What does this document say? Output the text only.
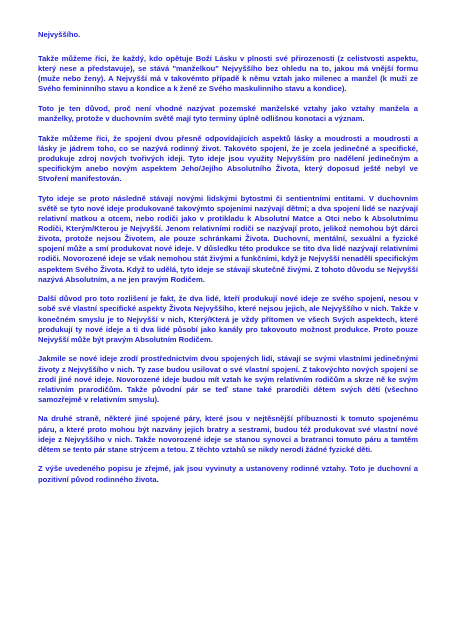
Nejvyššího.

Takže můžeme říci, že každý, kdo opětuje Boží Lásku v plnosti své přirozenosti (z celistvosti aspektu, který nese a představuje), se stává "manželkou" Nejvyššího bez ohledu na to, jakou má vnější formu (muže nebo ženy). A Nejvyšší má v takovémto případě k němu vztah jako milenec a manžel (k muži ze Svého femininního stavu a kondice a k ženě ze Svého maskulinního stavu a kondice).

Toto je ten důvod, proč není vhodné nazývat pozemské manželské vztahy jako vztahy manžela a manželky, protože v duchovním světě mají tyto terminy úplně odlišnou konotaci a význam.

Takže můžeme říci, že spojení dvou přesně odpovídajících aspektů lásky a moudrosti a moudrosti a lásky je jádrem toho, co se nazývá rodinný život. Takovéto spojení, že je zcela jedinečné a specifické, produkuje zdroj nových tvořivých ideji. Tyto ideje jsou využity Nejvyšším pro nadělení jedinečným a specifickým anebo novým aspektem Jeho/Jejího Absolutního Života, který doposud ještě nebyl ve Stvoření manifestován.

Tyto ideje se proto následně stávají novými lidskými bytostmi či sentientními entitami. V duchovním světě se tyto nové ideje produkované takovýmto spojeními nazývají dětmi; a dva spojení lidé se nazývají relativní matkou a otcem, nebo rodiči jako v protikladu k Absolutní Matce a Otci nebo k Absolutnímu Rodiči, Kterým/Kterou je Nejvyšší. Jenom relativními rodiči se nazývají proto, jelikož nemohou být dárci života, protože nejsou Životem, ale pouze schránkami Života. Duchovní, mentální, sexuální a fyzické spojení může a smí produkovat nové ideje. V důsledku této produkce se tito dva lidé nazývají relativními rodiči. Novorozené ideje se však nemohou stát živými a funkčními, když je Nejvyšší nenadělí specifickým aspektem Svého Života. Když to udělá, tyto ideje se stávají skutečně živými. Z tohoto důvodu se Nejvyšší nazývá Absolutním, a ne jen pravým Rodičem.

Další důvod pro toto rozlišení je fakt, že dva lidé, kteří produkují nové ideje ze svého spojení, nesou v sobě své vlastní specifické aspekty Života Nejvyššího, které nejsou jejich, ale Nejvyššího v nich. Takže v konečném smyslu je to Nejvyšší v nich, Který/Která je vždy přítomen ve všech Svých aspektech, které produkují ty nové ideje a ti dva lidé působí jako kanály pro takovouto možnost produkce. Proto pouze Nejvyšší může být pravým Absolutním Rodičem.

Jakmile se nové ideje zrodí prostřednictvím dvou spojených lidí, stávají se svými vlastními jedinečnými životy z Nejvyššího v nich. Ty zase budou usilovat o své vlastní spojení. Z takovýchto nových spojení se zrodí jiné nové ideje. Novorozené ideje budou mít vztah ke svým relativním rodičům a skrze ně ke svým relativním prarodičům. Takže původní pár se teď stane také prarodiči dětem svých dětí (všechno samozřejmě v relativním smyslu).

Na druhé straně, některé jiné spojené páry, které jsou v nejtěsnější příbuznosti k tomuto spojenému páru, a které proto mohou být nazvány jejich bratry a sestrami, budou též produkovat své vlastní nové ideje z Nejvyššího v nich. Takže novorozené ideje se stanou synovci a bratranci tomuto páru a tamtěm dětem se tento pár stane strýcem a tetou. Z těchto vztahů se nikdy nerodí žádné fyzické děti.

Z výše uvedeného popisu je zřejmé, jak jsou vyvinuty a ustanoveny rodinné vztahy. Toto je duchovní a pozitivní původ rodinného života.
